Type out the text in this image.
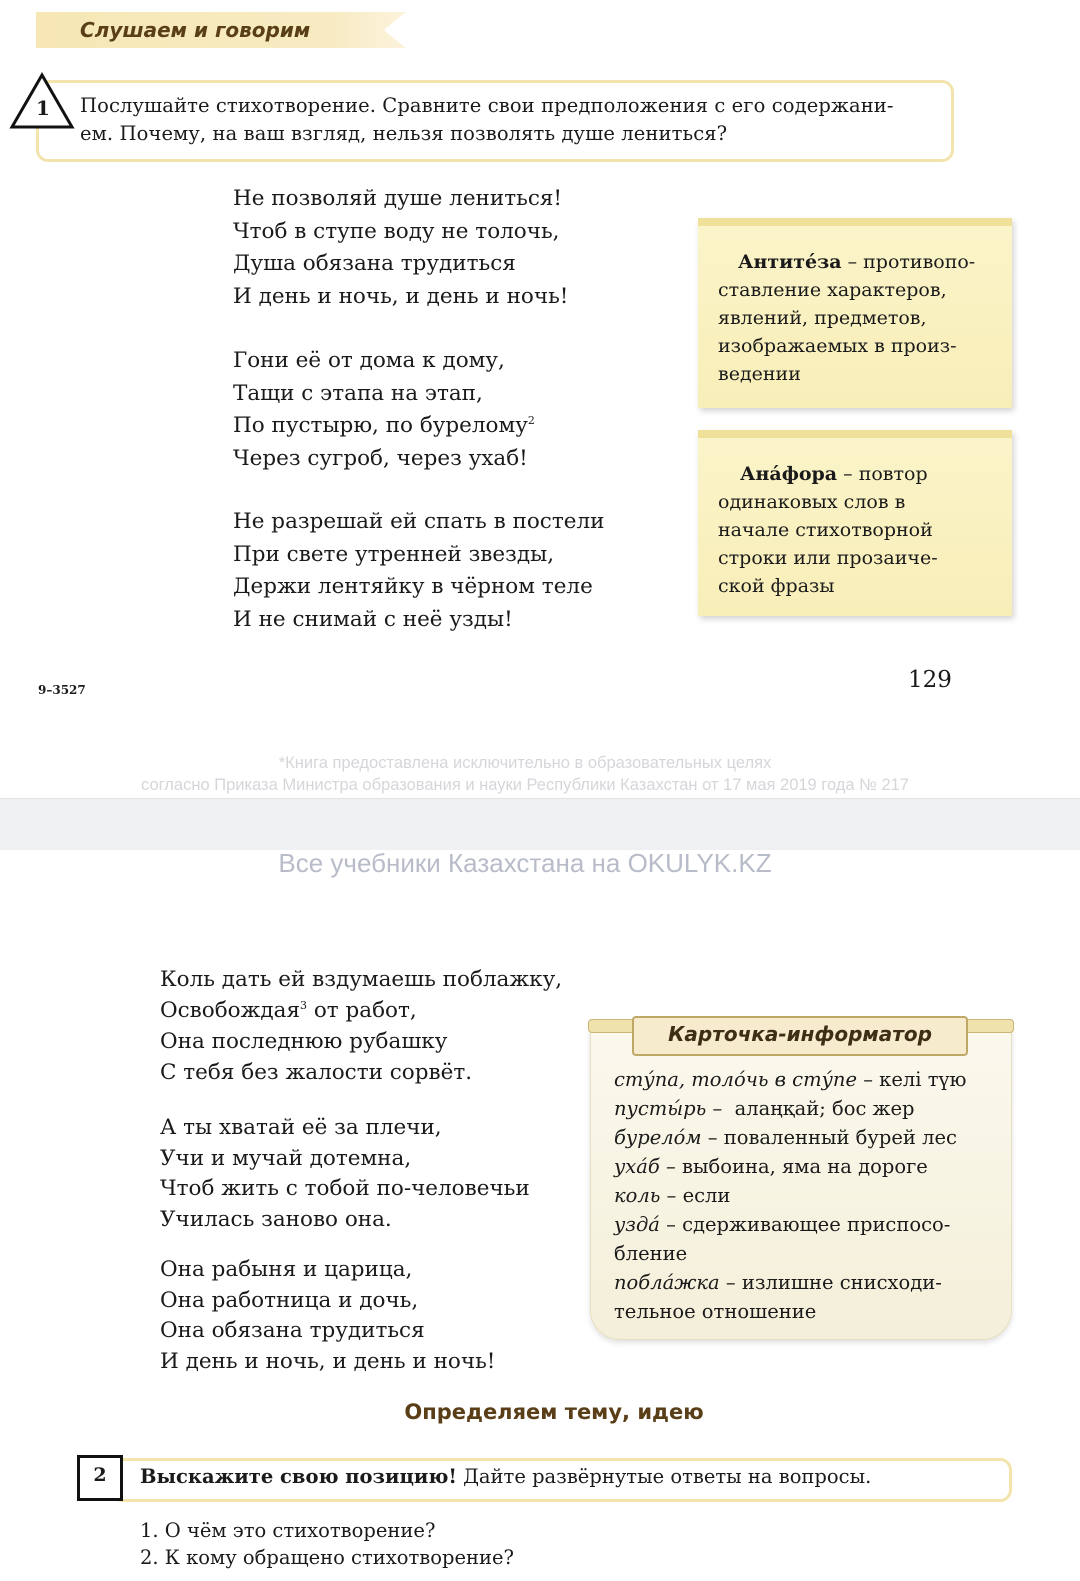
Слушаем и говорим
1 Послушайте стихотворение. Сравните свои предположения с его содержани-
ем. Почему, на ваш взгляд, нельзя позволять душе лениться?
Не позволяй душе лениться!
Чтоб в ступе воду не толочь,
Душа обязана трудиться
И день и ночь, и день и ночь!
Гони её от дома к дому,
Тащи с этапа на этап,
По пустырю, по бурелому$^2$
Через сугроб, через ухаб!
Не разрешай ей спать в постели
При свете утренней звезды,
Держи лентяйку в чёрном теле
И не снимай с неё узды!
Антите́за – противопо-
ставление характеров,
явлений, предметов,
изображаемых в произ-
ведении
Ана́фора – повтор
одинаковых слов в
начале стихотворной
строки или прозаиче-
ской фразы
9–3527	129
*Книга предоставлена исключительно в образовательных целях
согласно Приказа Министра образования и науки Республики Казахстан от 17 мая 2019 года № 217
Все учебники Казахстана на OKULYK.KZ
Коль дать ей вздумаешь поблажку,
Освобождая$^3$ от работ,
Она последнюю рубашку
С тебя без жалости сорвёт.
А ты хватай её за плечи,
Учи и мучай дотемна,
Чтоб жить с тобой по-человечьи
Училась заново она.
Она рабыня и царица,
Она работница и дочь,
Она обязана трудиться
И день и ночь, и день и ночь!
Карточка-информатор
сту́па, толо́чь в сту́пе – келі түю
пусты́рь –  алаңқай; бос жер
бурело́м – поваленный бурей лес
уха́б – выбоина, яма на дороге
коль – если
узда́ – сдерживающее приспосо-
бление
побла́жка – излишне снисходи-
тельное отношение
Определяем тему, идею
2	Выскажите свою позицию! Дайте развёрнутые ответы на вопросы.
1. О чём это стихотворение?
2. К кому обращено стихотворение?
